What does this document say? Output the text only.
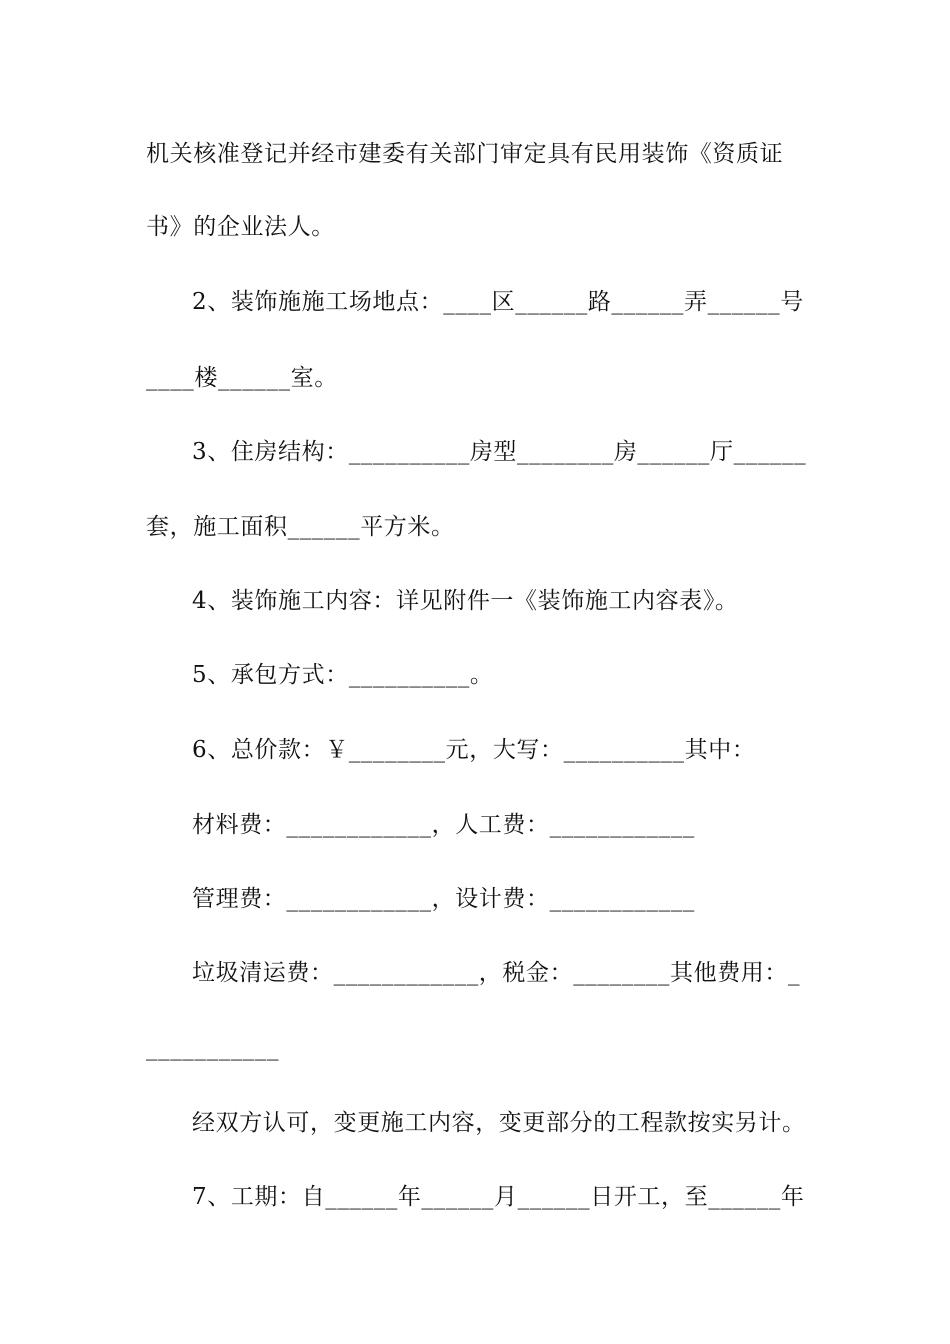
机关核准登记并经市建委有关部门审定具有民用装饰《资质证
书》的企业法人。
2、装饰施施工场地点：____区______路______弄______号
____楼______室。
3、住房结构：__________房型________房______厅______
套，施工面积______平方米。
4、装饰施工内容：详见附件一《装饰施工内容表》。
5、承包方式：__________。
6、总价款：￥________元，大写：__________其中：
材料费：____________，人工费：____________
管理费：____________，设计费：____________
垃圾清运费：____________，税金：________其他费用：_
___________
经双方认可，变更施工内容，变更部分的工程款按实另计。
7、工期：自______年______月______日开工，至______年
